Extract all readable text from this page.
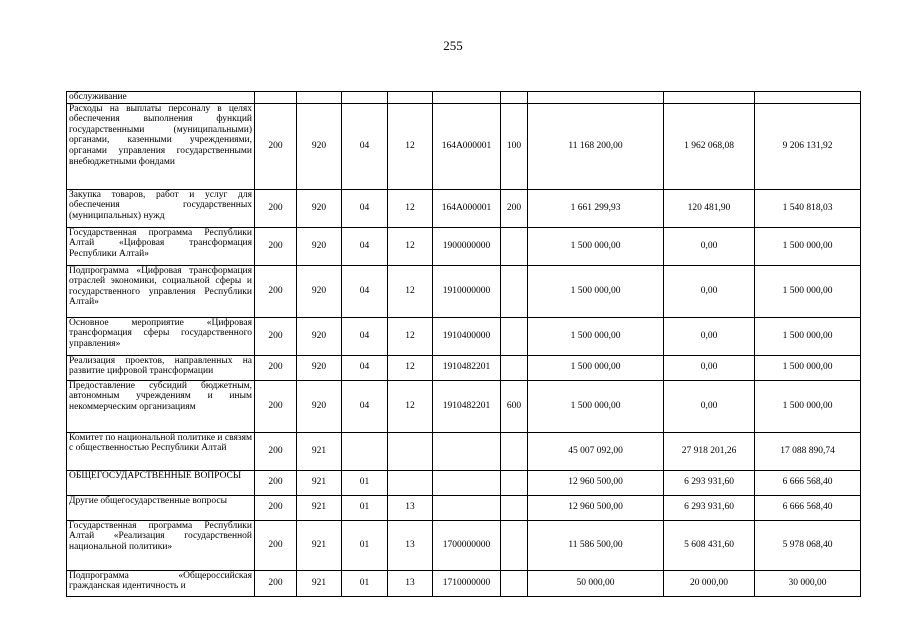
255
обслуживание									
Расходы на выплаты персоналу в целях обеспечения выполнения функций государственными (муниципальными) органами, казенными учреждениями, органами управления государственными внебюджетными фондами	200	920	04	12	164A000001	100	11 168 200,00	1 962 068,08	9 206 131,92
Закупка товаров, работ и услуг для обеспечения государственных (муниципальных) нужд	200	920	04	12	164A000001	200	1 661 299,93	120 481,90	1 540 818,03
Государственная программа Республики Алтай «Цифровая трансформация Республики Алтай»	200	920	04	12	1900000000		1 500 000,00	0,00	1 500 000,00
Подпрограмма «Цифровая трансформация отраслей экономики, социальной сферы и государственного управления Республики Алтай»	200	920	04	12	1910000000		1 500 000,00	0,00	1 500 000,00
Основное мероприятие «Цифровая трансформация сферы государственного управления»	200	920	04	12	1910400000		1 500 000,00	0,00	1 500 000,00
Реализация проектов, направленных на развитие цифровой трансформации	200	920	04	12	1910482201		1 500 000,00	0,00	1 500 000,00
Предоставление субсидий бюджетным, автономным учреждениям и иным некоммерческим организациям	200	920	04	12	1910482201	600	1 500 000,00	0,00	1 500 000,00
Комитет по национальной политике и связям с общественностью Республики Алтай	200	921					45 007 092,00	27 918 201,26	17 088 890,74
ОБЩЕГОСУДАРСТВЕННЫЕ ВОПРОСЫ	200	921	01				12 960 500,00	6 293 931,60	6 666 568,40
Другие общегосударственные вопросы	200	921	01	13			12 960 500,00	6 293 931,60	6 666 568,40
Государственная программа Республики Алтай «Реализация государственной национальной политики»	200	921	01	13	1700000000		11 586 500,00	5 608 431,60	5 978 068,40
Подпрограмма «Общероссийская гражданская идентичность и	200	921	01	13	1710000000		50 000,00	20 000,00	30 000,00
